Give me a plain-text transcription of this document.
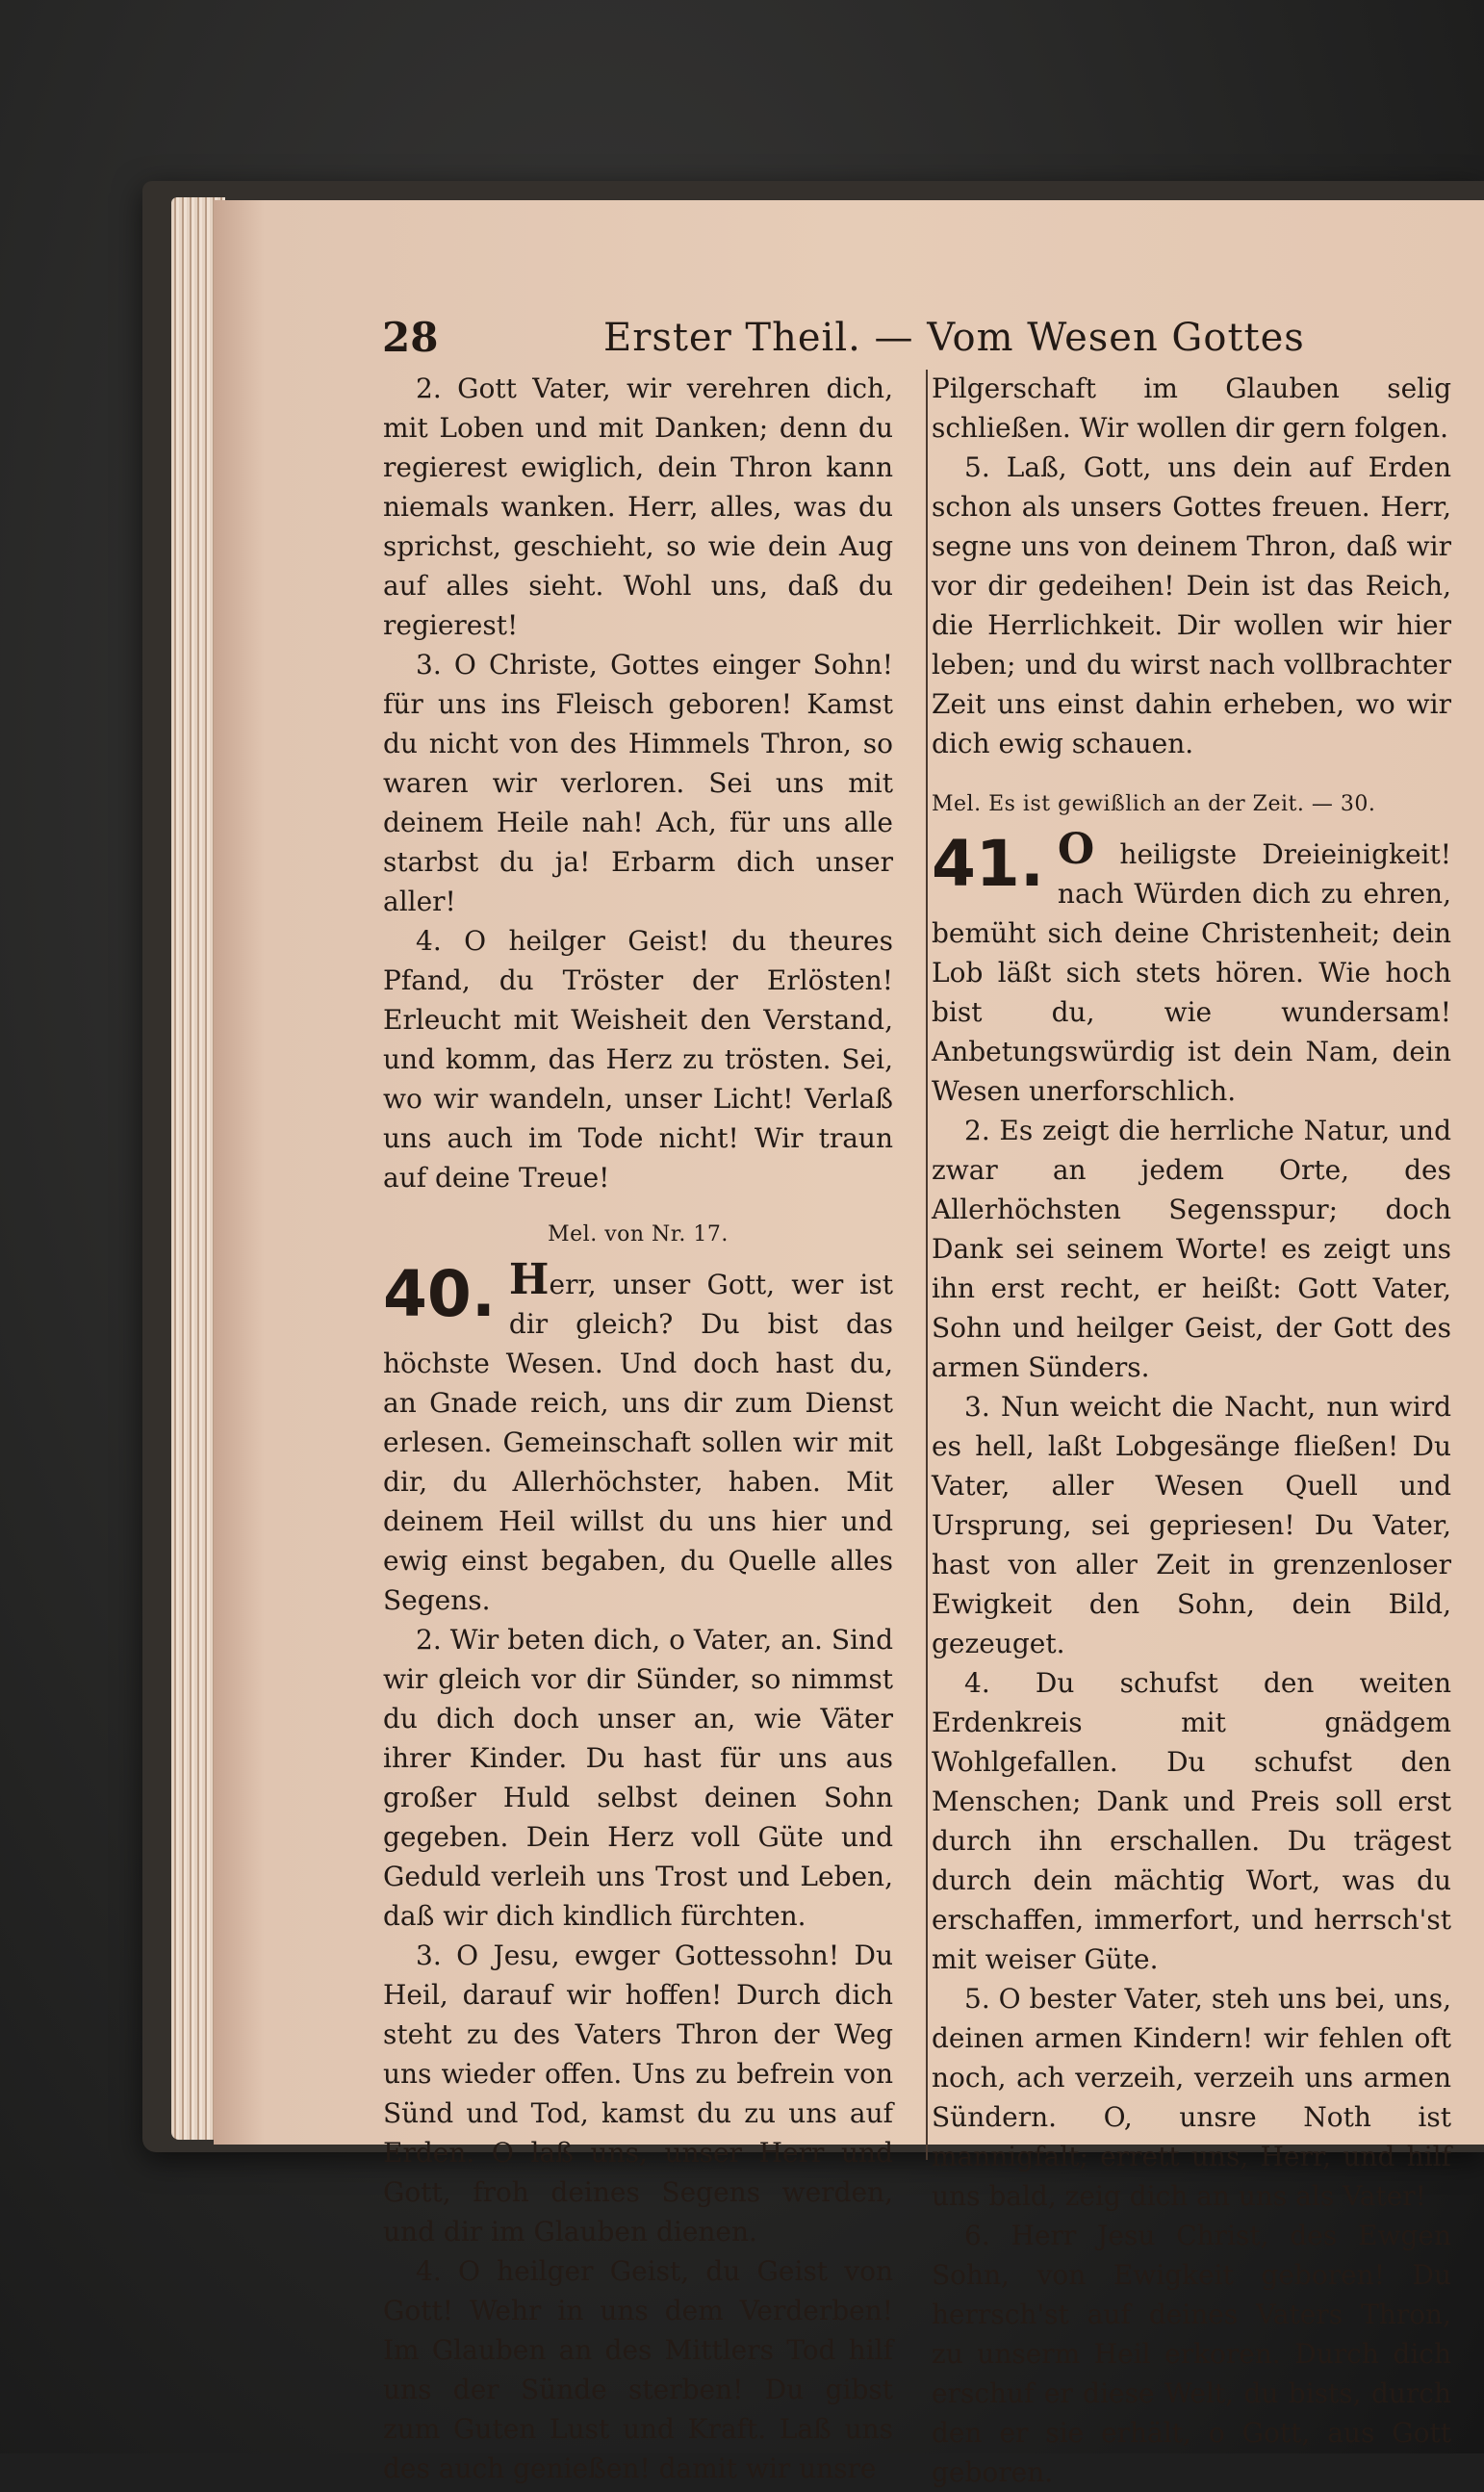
28	Erster Theil. — Vom Wesen Gottes

2. Gott Vater, wir verehren dich, mit Loben und mit Danken; denn du regierest ewiglich, dein Thron kann niemals wanken. Herr, alles, was du sprichst, geschieht, so wie dein Aug auf alles sieht. Wohl uns, daß du regierest!

3. O Christe, Gottes einger Sohn! für uns ins Fleisch geboren! Kamst du nicht von des Himmels Thron, so waren wir verloren. Sei uns mit deinem Heile nah! Ach, für uns alle starbst du ja! Erbarm dich unser aller!

4. O heilger Geist! du theures Pfand, du Tröster der Erlösten! Erleucht mit Weisheit den Verstand, und komm, das Herz zu trösten. Sei, wo wir wandeln, unser Licht! Verlaß uns auch im Tode nicht! Wir traun auf deine Treue!

Mel. von Nr. 17.

40. Herr, unser Gott, wer ist dir gleich? Du bist das höchste Wesen. Und doch hast du, an Gnade reich, uns dir zum Dienst erlesen. Gemeinschaft sollen wir mit dir, du Allerhöchster, haben. Mit deinem Heil willst du uns hier und ewig einst begaben, du Quelle alles Segens.

2. Wir beten dich, o Vater, an. Sind wir gleich vor dir Sünder, so nimmst du dich doch unser an, wie Väter ihrer Kinder. Du hast für uns aus großer Huld selbst deinen Sohn gegeben. Dein Herz voll Güte und Geduld verleih uns Trost und Leben, daß wir dich kindlich fürchten.

3. O Jesu, ewger Gottessohn! Du Heil, darauf wir hoffen! Durch dich steht zu des Vaters Thron der Weg uns wieder offen. Uns zu befrein von Sünd und Tod, kamst du zu uns auf Erden. O laß uns, unser Herr und Gott, froh deines Segens werden, und dir im Glauben dienen.

4. O heilger Geist, du Geist von Gott! Wehr in uns dem Verderben! Im Glauben an des Mittlers Tod hilf uns der Sünde sterben! Du gibst zum Guten Lust und Kraft. Laß uns des auch genießen! damit wir unsre

Pilgerschaft im Glauben selig schließen. Wir wollen dir gern folgen.

5. Laß, Gott, uns dein auf Erden schon als unsers Gottes freuen. Herr, segne uns von deinem Thron, daß wir vor dir gedeihen! Dein ist das Reich, die Herrlichkeit. Dir wollen wir hier leben; und du wirst nach vollbrachter Zeit uns einst dahin erheben, wo wir dich ewig schauen.

Mel. Es ist gewißlich an der Zeit. — 30.

41. O heiligste Dreieinigkeit! nach Würden dich zu ehren, bemüht sich deine Christenheit; dein Lob läßt sich stets hören. Wie hoch bist du, wie wundersam! Anbetungswürdig ist dein Nam, dein Wesen unerforschlich.

2. Es zeigt die herrliche Natur, und zwar an jedem Orte, des Allerhöchsten Segensspur; doch Dank sei seinem Worte! es zeigt uns ihn erst recht, er heißt: Gott Vater, Sohn und heilger Geist, der Gott des armen Sünders.

3. Nun weicht die Nacht, nun wird es hell, laßt Lobgesänge fließen! Du Vater, aller Wesen Quell und Ursprung, sei gepriesen! Du Vater, hast von aller Zeit in grenzenloser Ewigkeit den Sohn, dein Bild, gezeuget.

4. Du schufst den weiten Erdenkreis mit gnädgem Wohlgefallen. Du schufst den Menschen; Dank und Preis soll erst durch ihn erschallen. Du trägest durch dein mächtig Wort, was du erschaffen, immerfort, und herrsch'st mit weiser Güte.

5. O bester Vater, steh uns bei, uns, deinen armen Kindern! wir fehlen oft noch, ach verzeih, verzeih uns armen Sündern. O, unsre Noth ist mannigfalt; errett uns, Herr, und hilf uns bald, zeig dich an uns als Vater!

6. Herr Jesu Christ, des Ewgen Sohn, von Ewigkeit geboren! Du herrsch'st auf deines Vaters Thron, zu unserm Heil erkoren. Durch dich erschuf er diese Welt, du bists, durch den er sie erhält, o Gott, aus Gott geboren.
